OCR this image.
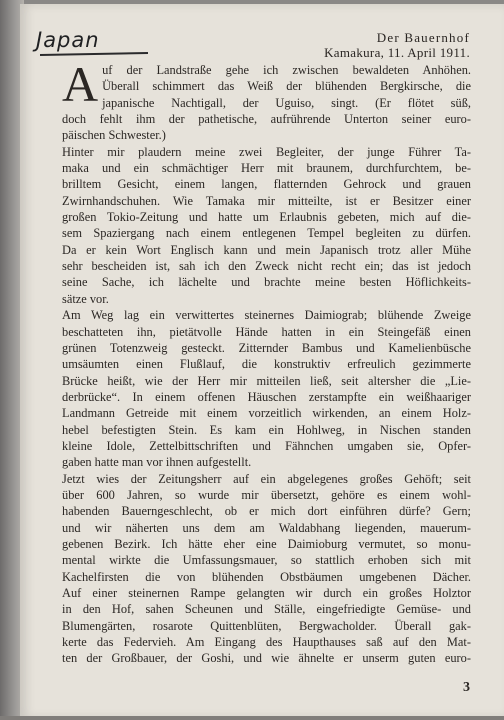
Japan	Der Bauernhof
Kamakura, 11. April 1911.
A uf der Landstraße gehe ich zwischen bewaldeten Anhöhen.
Überall schimmert das Weiß der blühenden Bergkirsche, die
japanische Nachtigall, der Uguiso, singt. (Er flötet süß,
doch fehlt ihm der pathetische, aufrührende Unterton seiner euro-
päischen Schwester.)
Hinter mir plaudern meine zwei Begleiter, der junge Führer Ta-
maka und ein schmächtiger Herr mit braunem, durchfurchtem, be-
brilltem Gesicht, einem langen, flatternden Gehrock und grauen
Zwirnhandschuhen. Wie Tamaka mir mitteilte, ist er Besitzer einer
großen Tokio-Zeitung und hatte um Erlaubnis gebeten, mich auf die-
sem Spaziergang nach einem entlegenen Tempel begleiten zu dürfen.
Da er kein Wort Englisch kann und mein Japanisch trotz aller Mühe
sehr bescheiden ist, sah ich den Zweck nicht recht ein; das ist jedoch
seine Sache, ich lächelte und brachte meine besten Höflichkeits-
sätze vor.
Am Weg lag ein verwittertes steinernes Daimiograb; blühende Zweige
beschatteten ihn, pietätvolle Hände hatten in ein Steingefäß einen
grünen Totenzweig gesteckt. Zitternder Bambus und Kamelienbüsche
umsäumten einen Flußlauf, die konstruktiv erfreulich gezimmerte
Brücke heißt, wie der Herr mir mitteilen ließ, seit altersher die „Lie-
derbrücke“. In einem offenen Häuschen zerstampfte ein weißhaariger
Landmann Getreide mit einem vorzeitlich wirkenden, an einem Holz-
hebel befestigten Stein. Es kam ein Hohlweg, in Nischen standen
kleine Idole, Zettelbittschriften und Fähnchen umgaben sie, Opfer-
gaben hatte man vor ihnen aufgestellt.
Jetzt wies der Zeitungsherr auf ein abgelegenes großes Gehöft; seit
über 600 Jahren, so wurde mir übersetzt, gehöre es einem wohl-
habenden Bauerngeschlecht, ob er mich dort einführen dürfe? Gern;
und wir näherten uns dem am Waldabhang liegenden, mauerum-
gebenen Bezirk. Ich hätte eher eine Daimioburg vermutet, so monu-
mental wirkte die Umfassungsmauer, so stattlich erhoben sich mit
Kachelfirsten die von blühenden Obstbäumen umgebenen Dächer.
Auf einer steinernen Rampe gelangten wir durch ein großes Holztor
in den Hof, sahen Scheunen und Ställe, eingefriedigte Gemüse- und
Blumengärten, rosarote Quittenblüten, Bergwacholder. Überall gak-
kerte das Federvieh. Am Eingang des Haupthauses saß auf den Mat-
ten der Großbauer, der Goshi, und wie ähnelte er unserm guten euro-
3
